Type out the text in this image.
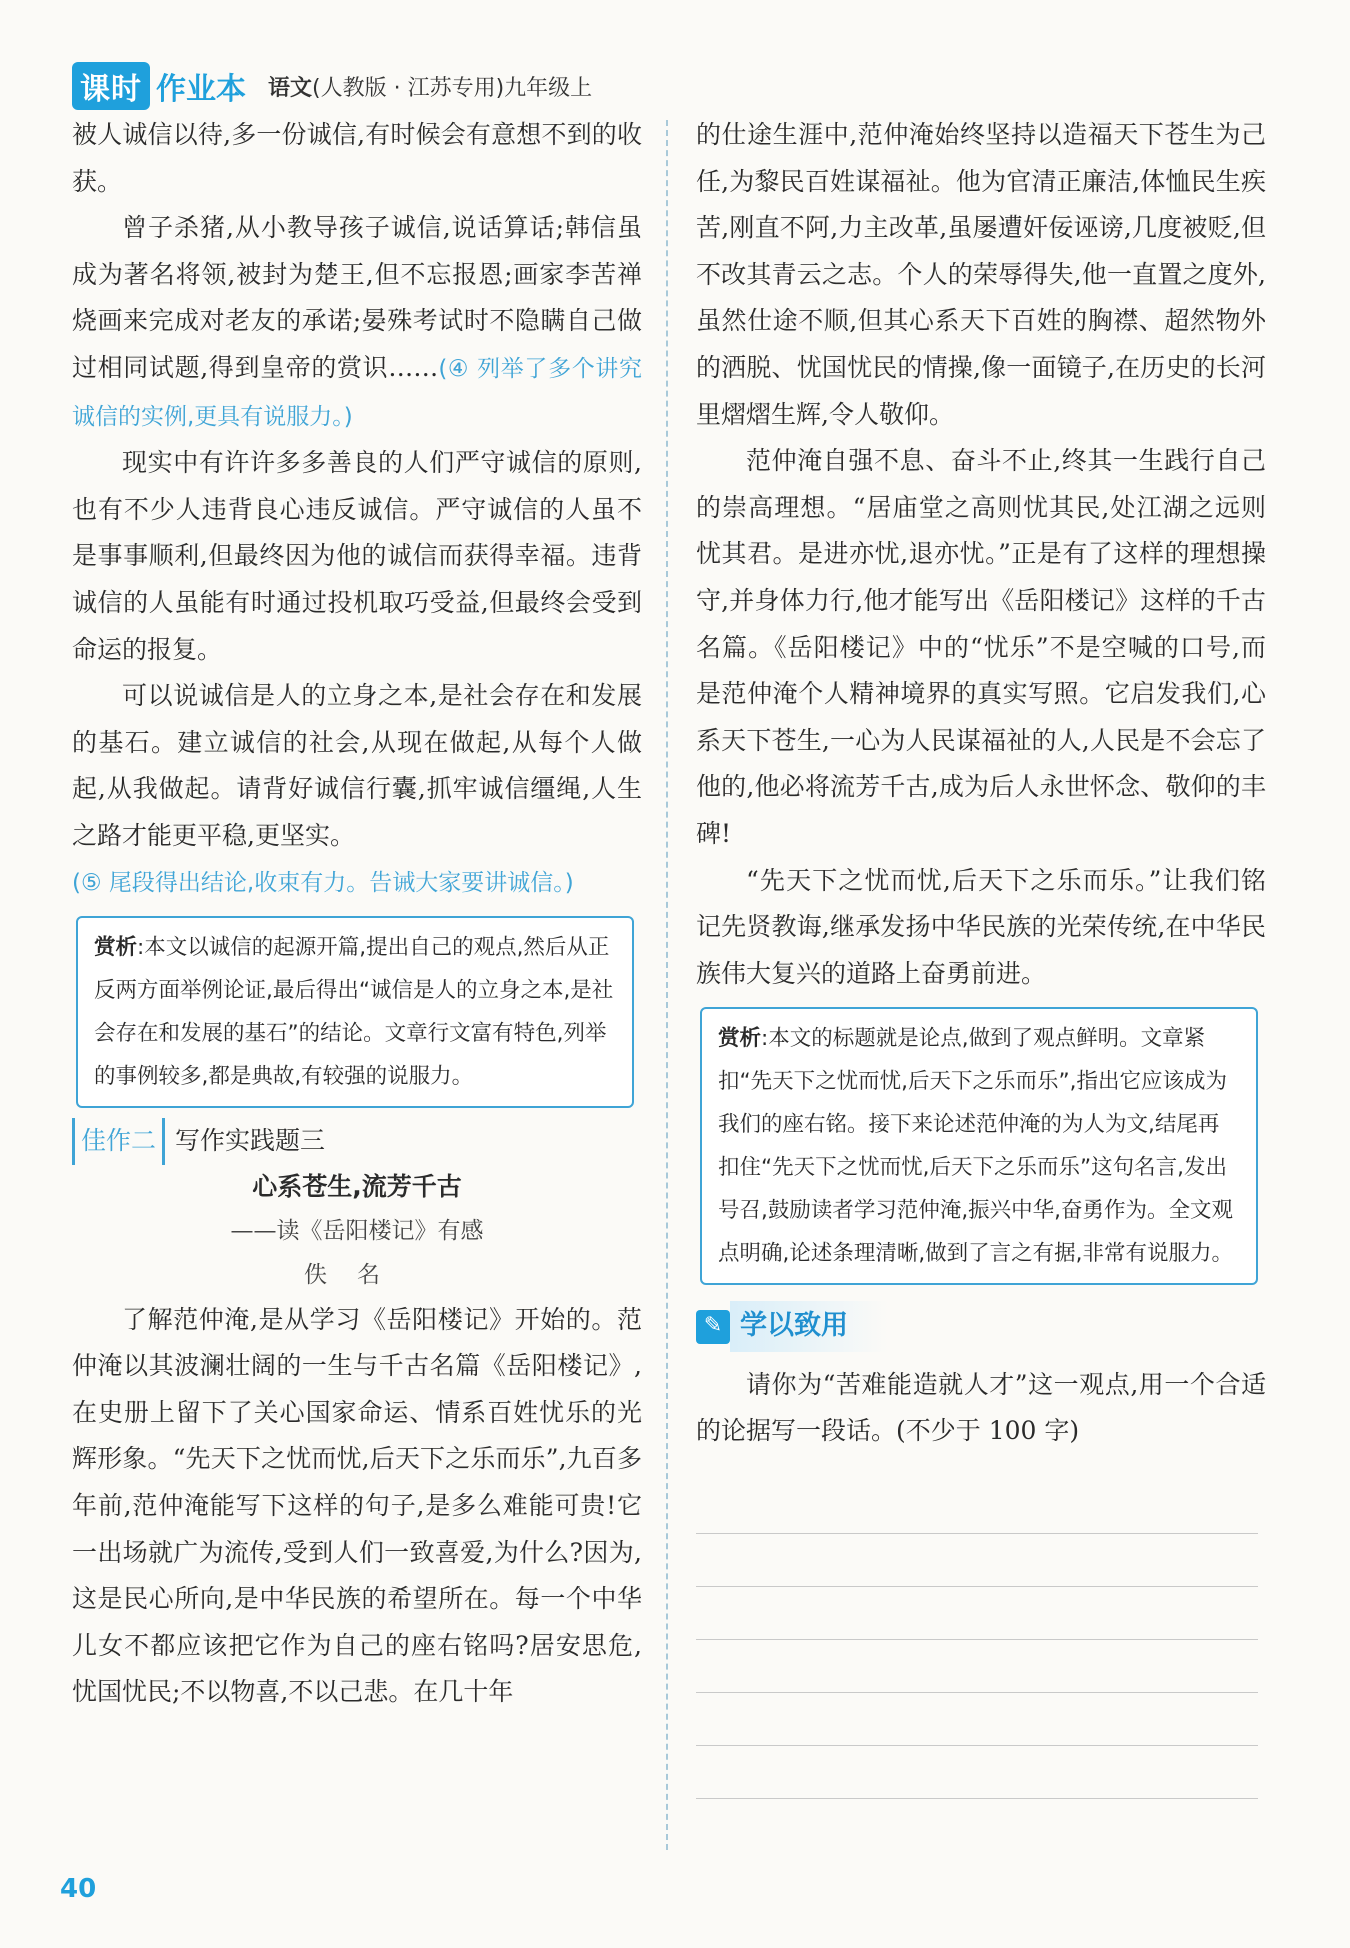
课时 作业本 语文(人教版 · 江苏专用)九年级上

被人诚信以待,多一份诚信,有时候会有意想不到的收获。

曾子杀猪,从小教导孩子诚信,说话算话;韩信虽成为著名将领,被封为楚王,但不忘报恩;画家李苦禅烧画来完成对老友的承诺;晏殊考试时不隐瞒自己做过相同试题,得到皇帝的赏识……(④ 列举了多个讲究诚信的实例,更具有说服力。)

现实中有许许多多善良的人们严守诚信的原则,也有不少人违背良心违反诚信。严守诚信的人虽不是事事顺利,但最终因为他的诚信而获得幸福。违背诚信的人虽能有时通过投机取巧受益,但最终会受到命运的报复。

可以说诚信是人的立身之本,是社会存在和发展的基石。建立诚信的社会,从现在做起,从每个人做起,从我做起。请背好诚信行囊,抓牢诚信缰绳,人生之路才能更平稳,更坚实。

(⑤ 尾段得出结论,收束有力。告诫大家要讲诚信。)

赏析:本文以诚信的起源开篇,提出自己的观点,然后从正反两方面举例论证,最后得出“诚信是人的立身之本,是社会存在和发展的基石”的结论。文章行文富有特色,列举的事例较多,都是典故,有较强的说服力。
佳作二 写作实践题三
心系苍生,流芳千古
——读《岳阳楼记》有感
佚名

了解范仲淹,是从学习《岳阳楼记》开始的。范仲淹以其波澜壮阔的一生与千古名篇《岳阳楼记》,在史册上留下了关心国家命运、情系百姓忧乐的光辉形象。“先天下之忧而忧,后天下之乐而乐”,九百多年前,范仲淹能写下这样的句子,是多么难能可贵!它一出场就广为流传,受到人们一致喜爱,为什么?因为,这是民心所向,是中华民族的希望所在。每一个中华儿女不都应该把它作为自己的座右铭吗?居安思危,忧国忧民;不以物喜,不以己悲。在几十年

的仕途生涯中,范仲淹始终坚持以造福天下苍生为己任,为黎民百姓谋福祉。他为官清正廉洁,体恤民生疾苦,刚直不阿,力主改革,虽屡遭奸佞诬谤,几度被贬,但不改其青云之志。个人的荣辱得失,他一直置之度外,虽然仕途不顺,但其心系天下百姓的胸襟、超然物外的洒脱、忧国忧民的情操,像一面镜子,在历史的长河里熠熠生辉,令人敬仰。

范仲淹自强不息、奋斗不止,终其一生践行自己的崇高理想。“居庙堂之高则忧其民,处江湖之远则忧其君。是进亦忧,退亦忧。”正是有了这样的理想操守,并身体力行,他才能写出《岳阳楼记》这样的千古名篇。《岳阳楼记》中的“忧乐”不是空喊的口号,而是范仲淹个人精神境界的真实写照。它启发我们,心系天下苍生,一心为人民谋福祉的人,人民是不会忘了他的,他必将流芳千古,成为后人永世怀念、敬仰的丰碑!

“先天下之忧而忧,后天下之乐而乐。”让我们铭记先贤教诲,继承发扬中华民族的光荣传统,在中华民族伟大复兴的道路上奋勇前进。

赏析:本文的标题就是论点,做到了观点鲜明。文章紧扣“先天下之忧而忧,后天下之乐而乐”,指出它应该成为我们的座右铭。接下来论述范仲淹的为人为文,结尾再扣住“先天下之忧而忧,后天下之乐而乐”这句名言,发出号召,鼓励读者学习范仲淹,振兴中华,奋勇作为。全文观点明确,论述条理清晰,做到了言之有据,非常有说服力。
✎ 学以致用

请你为“苦难能造就人才”这一观点,用一个合适的论据写一段话。(不少于 100 字)

40
